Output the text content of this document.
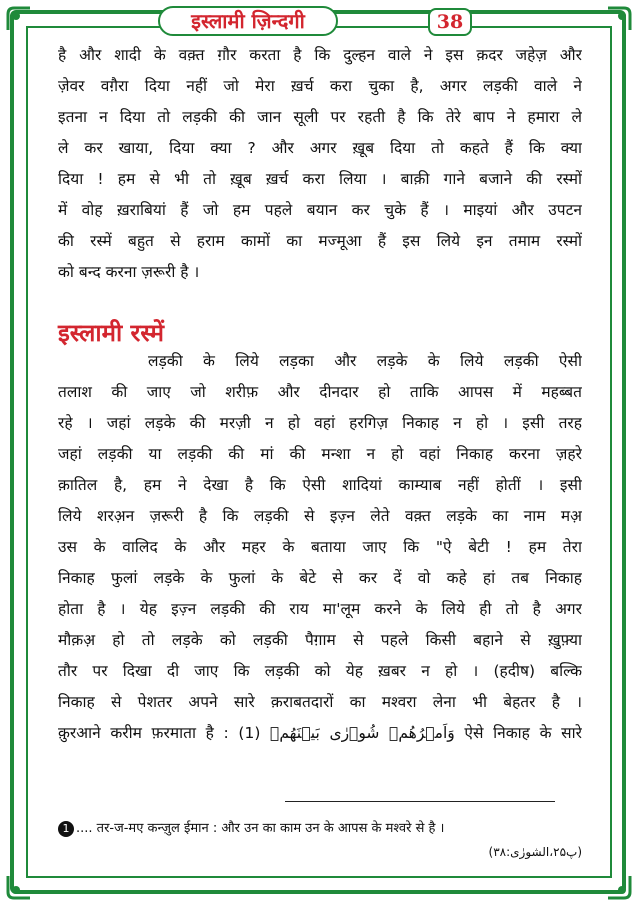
इस्लामी ज़िन्दगी	38
है और शादी के वक़्त ग़ौर करता है कि दुल्हन वाले ने इस क़दर जहेज़ और
ज़ेवर वग़ैरा दिया नहीं जो मेरा ख़र्च करा चुका है, अगर लड़की वाले ने
इतना न दिया तो लड़की की जान सूली पर रहती है कि तेरे बाप ने हमारा ले
ले कर खाया, दिया क्या ? और अगर ख़ूब दिया तो कहते हैं कि क्या
दिया ! हम से भी तो ख़ूब ख़र्च करा लिया । बाक़ी गाने बजाने की रस्मों
में वोह ख़राबियां हैं जो हम पहले बयान कर चुके हैं । माइयां और उपटन
की रस्में बहुत से हराम कामों का मज्मूआ हैं इस लिये इन तमाम रस्मों
को बन्द करना ज़रूरी है ।
इस्लामी रस्में
लड़की के लिये लड़का और लड़के के लिये लड़की ऐसी
तलाश की जाए जो शरीफ़ और दीनदार हो ताकि आपस में महब्बत
रहे । जहां लड़के की मरज़ी न हो वहां हरगिज़ निकाह न हो । इसी तरह
जहां लड़की या लड़की की मां की मन्शा न हो वहां निकाह करना ज़हरे
क़ातिल है, हम ने देखा है कि ऐसी शादियां काम्याब नहीं होतीं । इसी
लिये शरअ़न ज़रूरी है कि लड़की से इज़्न लेते वक़्त लड़के का नाम मअ़
उस के वालिद के और महर के बताया जाए कि "ऐ बेटी ! हम तेरा
निकाह फुलां लड़के के फुलां के बेटे से कर दें वो कहे हां तब निकाह
होता है । येह इज़्न लड़की की राय मा'लूम करने के लिये ही तो है अगर
मौक़अ़ हो तो लड़के को लड़की पैग़ाम से पहले किसी बहाने से ख़ुफ़्या
तौर पर दिखा दी जाए कि लड़की को येह ख़बर न हो । (हदीष) बल्कि
निकाह से पेशतर अपने सारे क़राबतदारों का मश्वरा लेना भी बेहतर है ।
क़ुरआने करीम फ़रमाता है : (1) وَاَمۡرُهُمۡ شُوۡرٰی بَیۡنَهُمۡ ऐसे निकाह के सारे
1 .... तर-ज-मए कन्ज़ुल ईमान : और उन का काम उन के आपस के मश्वरे से है ।
(پ۲۵،الشورٰی:۳۸)
